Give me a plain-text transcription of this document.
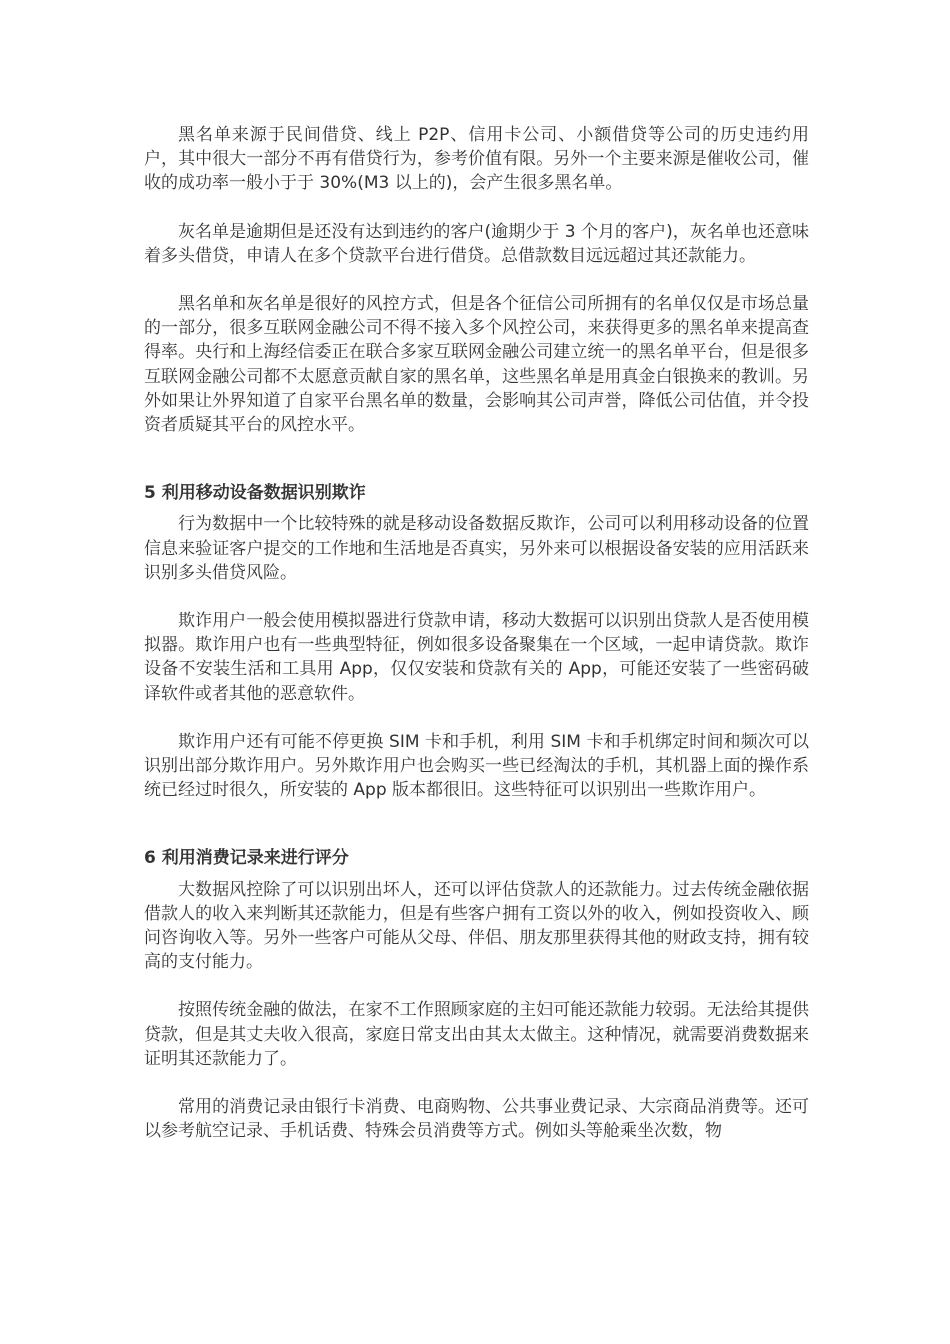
黑名单来源于民间借贷、线上 P2P、信用卡公司、小额借贷等公司的历史违约用户，其中很大一部分不再有借贷行为，参考价值有限。另外一个主要来源是催收公司，催收的成功率一般小于于 30%(M3 以上的)，会产生很多黑名单。

灰名单是逾期但是还没有达到违约的客户(逾期少于 3 个月的客户)，灰名单也还意味着多头借贷，申请人在多个贷款平台进行借贷。总借款数目远远超过其还款能力。

黑名单和灰名单是很好的风控方式，但是各个征信公司所拥有的名单仅仅是市场总量的一部分，很多互联网金融公司不得不接入多个风控公司，来获得更多的黑名单来提高查得率。央行和上海经信委正在联合多家互联网金融公司建立统一的黑名单平台，但是很多互联网金融公司都不太愿意贡献自家的黑名单，这些黑名单是用真金白银换来的教训。另外如果让外界知道了自家平台黑名单的数量，会影响其公司声誉，降低公司估值，并令投资者质疑其平台的风控水平。

5 利用移动设备数据识别欺诈

行为数据中一个比较特殊的就是移动设备数据反欺诈，公司可以利用移动设备的位置信息来验证客户提交的工作地和生活地是否真实，另外来可以根据设备安装的应用活跃来识别多头借贷风险。

欺诈用户一般会使用模拟器进行贷款申请，移动大数据可以识别出贷款人是否使用模拟器。欺诈用户也有一些典型特征，例如很多设备聚集在一个区域，一起申请贷款。欺诈设备不安装生活和工具用 App，仅仅安装和贷款有关的 App，可能还安装了一些密码破译软件或者其他的恶意软件。

欺诈用户还有可能不停更换 SIM 卡和手机，利用 SIM 卡和手机绑定时间和频次可以识别出部分欺诈用户。另外欺诈用户也会购买一些已经淘汰的手机，其机器上面的操作系统已经过时很久，所安装的 App 版本都很旧。这些特征可以识别出一些欺诈用户。

6 利用消费记录来进行评分

大数据风控除了可以识别出坏人，还可以评估贷款人的还款能力。过去传统金融依据借款人的收入来判断其还款能力，但是有些客户拥有工资以外的收入，例如投资收入、顾问咨询收入等。另外一些客户可能从父母、伴侣、朋友那里获得其他的财政支持，拥有较高的支付能力。

按照传统金融的做法，在家不工作照顾家庭的主妇可能还款能力较弱。无法给其提供贷款，但是其丈夫收入很高，家庭日常支出由其太太做主。这种情况，就需要消费数据来证明其还款能力了。

常用的消费记录由银行卡消费、电商购物、公共事业费记录、大宗商品消费等。还可以参考航空记录、手机话费、特殊会员消费等方式。例如头等舱乘坐次数，物
